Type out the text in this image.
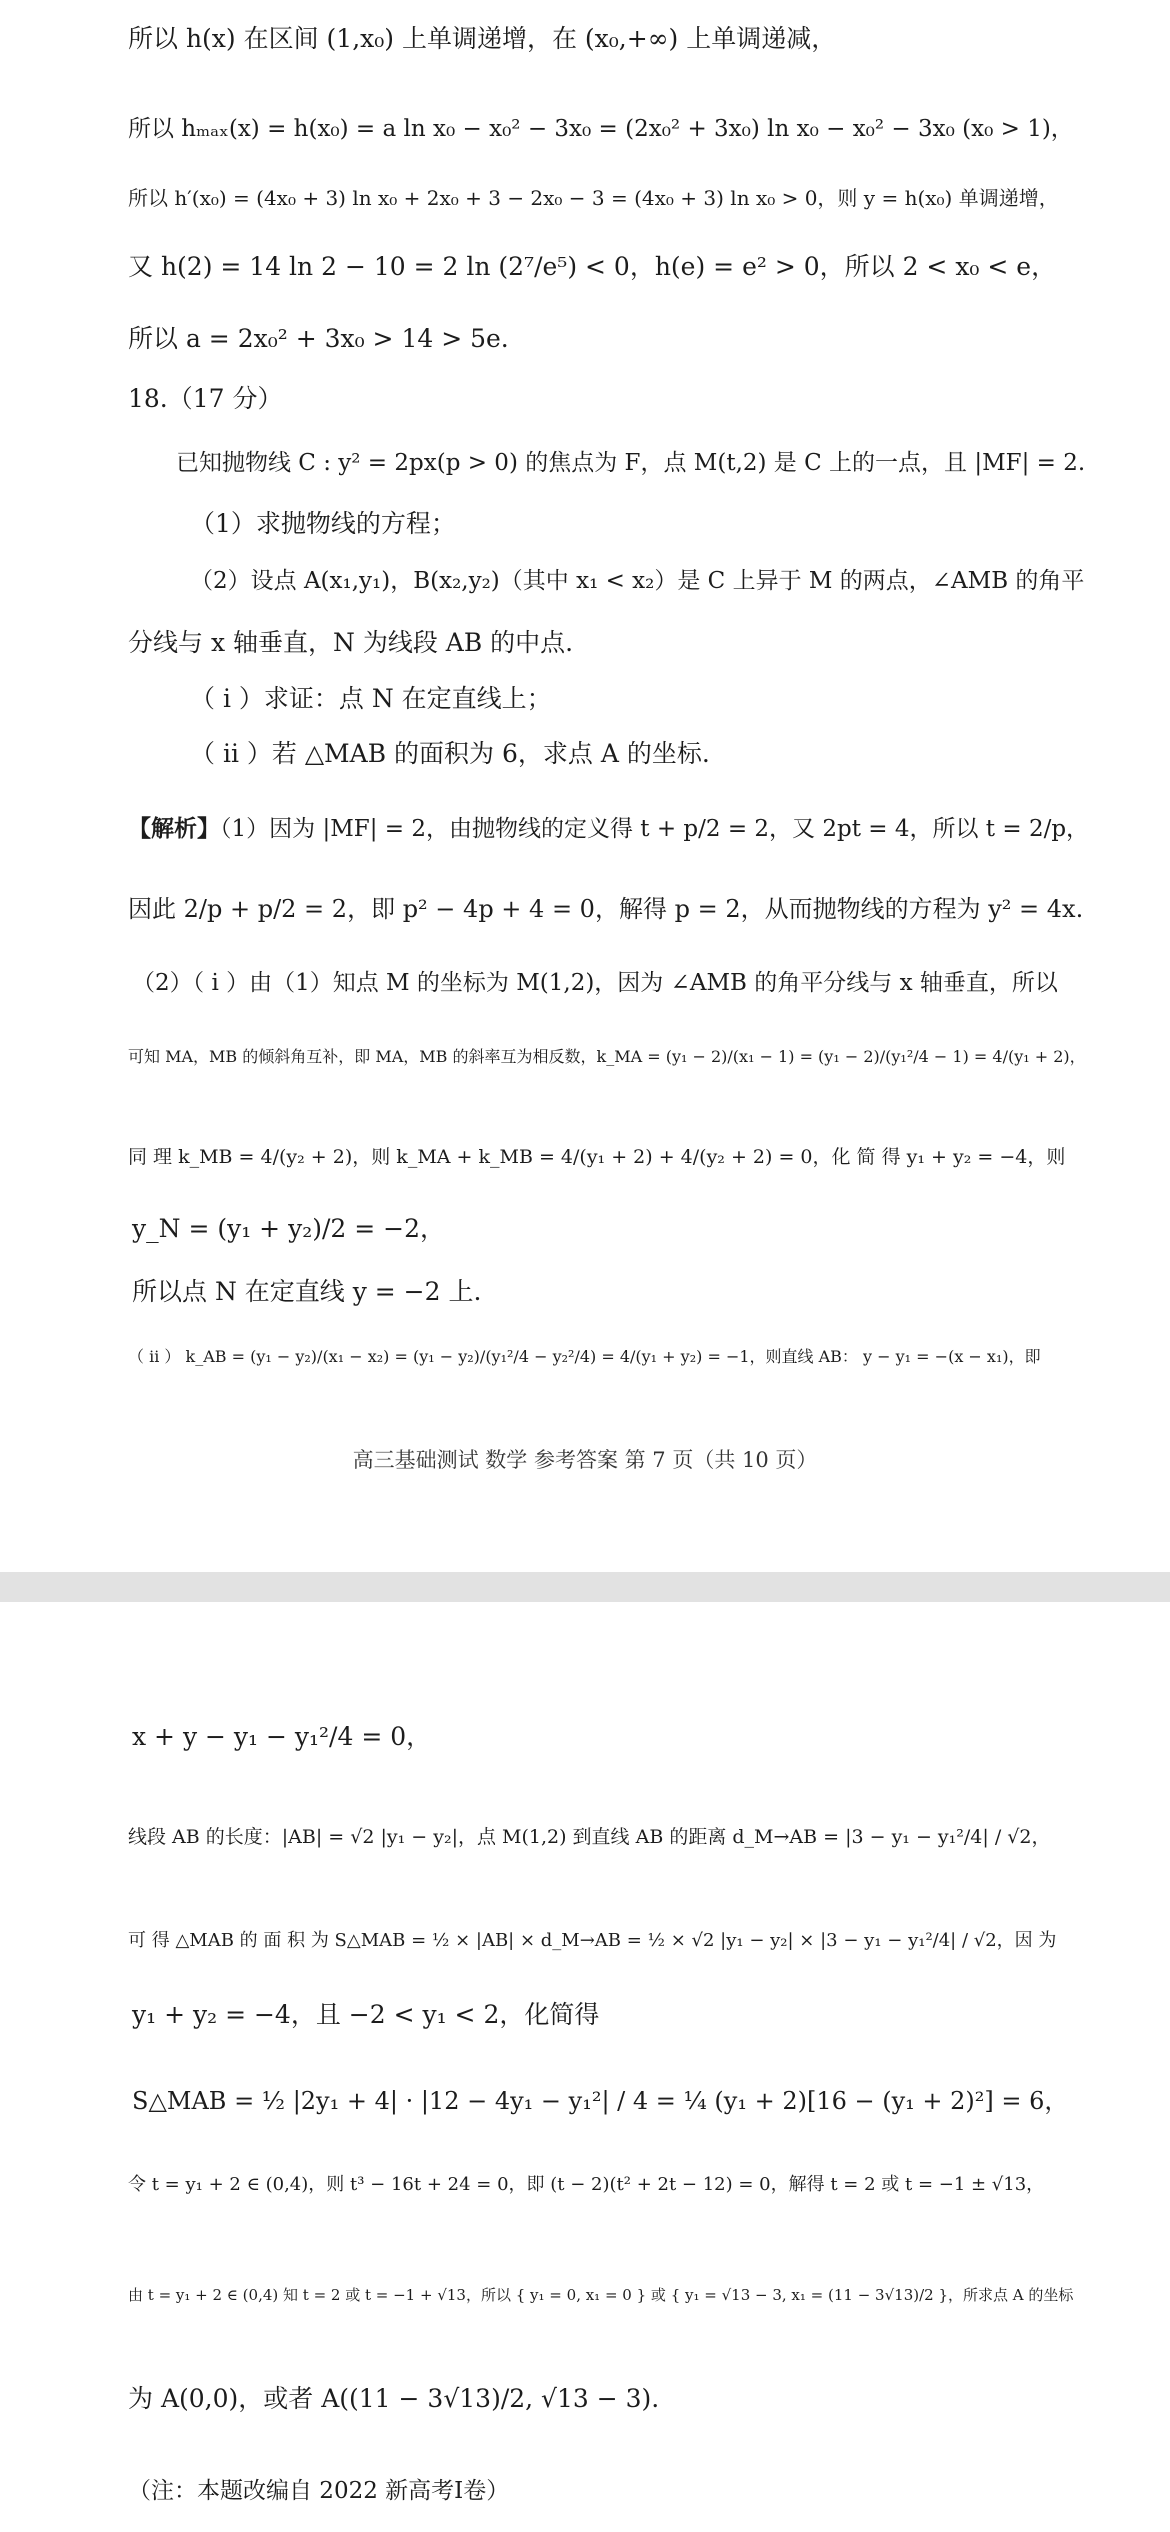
所以 h(x) 在区间 (1,x₀) 上单调递增，在 (x₀,+∞) 上单调递减，
所以 hₘₐₓ(x) = h(x₀) = a ln x₀ − x₀² − 3x₀ = (2x₀² + 3x₀) ln x₀ − x₀² − 3x₀ (x₀ > 1)，
所以 h′(x₀) = (4x₀ + 3) ln x₀ + 2x₀ + 3 − 2x₀ − 3 = (4x₀ + 3) ln x₀ > 0，则 y = h(x₀) 单调递增，
又 h(2) = 14 ln 2 − 10 = 2 ln (2⁷/e⁵) < 0，h(e) = e² > 0，所以 2 < x₀ < e，
所以 a = 2x₀² + 3x₀ > 14 > 5e.
18.（17 分）
已知抛物线 C : y² = 2px(p > 0) 的焦点为 F，点 M(t,2) 是 C 上的一点，且 |MF| = 2.
（1）求抛物线的方程；
（2）设点 A(x₁,y₁)，B(x₂,y₂)（其中 x₁ < x₂）是 C 上异于 M 的两点，∠AMB 的角平
分线与 x 轴垂直，N 为线段 AB 的中点.
（ i ）求证：点 N 在定直线上；
（ ii ）若 △MAB 的面积为 6，求点 A 的坐标.
【解析】（1）因为 |MF| = 2，由抛物线的定义得 t + p/2 = 2，又 2pt = 4，所以 t = 2/p，
因此 2/p + p/2 = 2，即 p² − 4p + 4 = 0，解得 p = 2，从而抛物线的方程为 y² = 4x.
（2）（ i ）由（1）知点 M 的坐标为 M(1,2)，因为 ∠AMB 的角平分线与 x 轴垂直，所以
可知 MA，MB 的倾斜角互补，即 MA，MB 的斜率互为相反数，k_MA = (y₁ − 2)/(x₁ − 1) = (y₁ − 2)/(y₁²/4 − 1) = 4/(y₁ + 2)，
同 理 k_MB = 4/(y₂ + 2)，则 k_MA + k_MB = 4/(y₁ + 2) + 4/(y₂ + 2) = 0，化 简 得 y₁ + y₂ = −4，则
y_N = (y₁ + y₂)/2 = −2，
所以点 N 在定直线 y = −2 上.
（ ii ） k_AB = (y₁ − y₂)/(x₁ − x₂) = (y₁ − y₂)/(y₁²/4 − y₂²/4) = 4/(y₁ + y₂) = −1，则直线 AB： y − y₁ = −(x − x₁)，即
高三基础测试 数学 参考答案 第 7 页（共 10 页）
x + y − y₁ − y₁²/4 = 0，
线段 AB 的长度：|AB| = √2 |y₁ − y₂|，点 M(1,2) 到直线 AB 的距离 d_M→AB = |3 − y₁ − y₁²/4| / √2，
可 得 △MAB 的 面 积 为 S△MAB = ½ × |AB| × d_M→AB = ½ × √2 |y₁ − y₂| × |3 − y₁ − y₁²/4| / √2，因 为
y₁ + y₂ = −4，且 −2 < y₁ < 2，化简得
S△MAB = ½ |2y₁ + 4| · |12 − 4y₁ − y₁²| / 4 = ¼ (y₁ + 2)[16 − (y₁ + 2)²] = 6，
令 t = y₁ + 2 ∈ (0,4)，则 t³ − 16t + 24 = 0，即 (t − 2)(t² + 2t − 12) = 0，解得 t = 2 或 t = −1 ± √13，
由 t = y₁ + 2 ∈ (0,4) 知 t = 2 或 t = −1 + √13，所以 { y₁ = 0, x₁ = 0 } 或 { y₁ = √13 − 3, x₁ = (11 − 3√13)/2 }，所求点 A 的坐标
为 A(0,0)，或者 A((11 − 3√13)/2, √13 − 3).
（注：本题改编自 2022 新高考Ⅰ卷）
